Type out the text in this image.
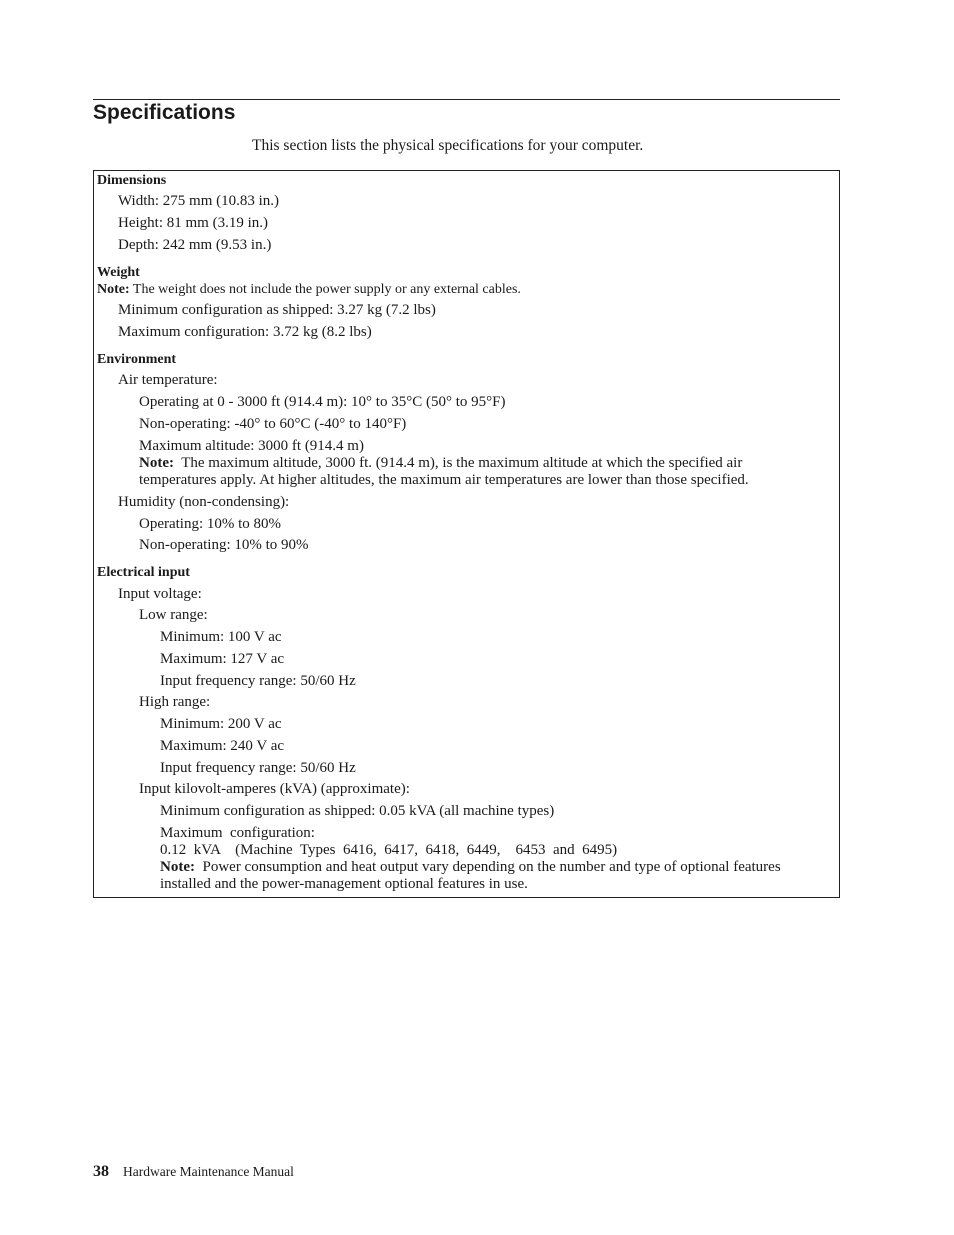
Specifications

This section lists the physical specifications for your computer.

Dimensions
Width: 275 mm (10.83 in.)
Height: 81 mm (3.19 in.)
Depth: 242 mm (9.53 in.)
Weight
Note: The weight does not include the power supply or any external cables.
Minimum configuration as shipped: 3.27 kg (7.2 lbs)
Maximum configuration: 3.72 kg (8.2 lbs)
Environment
Air temperature:
Operating at 0 - 3000 ft (914.4 m): 10° to 35°C (50° to 95°F)
Non-operating: -40° to 60°C (-40° to 140°F)
Maximum altitude: 3000 ft (914.4 m)
Note: The maximum altitude, 3000 ft. (914.4 m), is the maximum altitude at which the specified air
temperatures apply. At higher altitudes, the maximum air temperatures are lower than those specified.
Humidity (non-condensing):
Operating: 10% to 80%
Non-operating: 10% to 90%
Electrical input
Input voltage:
Low range:
Minimum: 100 V ac
Maximum: 127 V ac
Input frequency range: 50/60 Hz
High range:
Minimum: 200 V ac
Maximum: 240 V ac
Input frequency range: 50/60 Hz
Input kilovolt-amperes (kVA) (approximate):
Minimum configuration as shipped: 0.05 kVA (all machine types)
Maximum  configuration:
0.12  kVA    (Machine  Types  6416,  6417,  6418,  6449,    6453  and  6495)
Note: Power consumption and heat output vary depending on the number and type of optional features
installed and the power-management optional features in use.
38 Hardware Maintenance Manual
